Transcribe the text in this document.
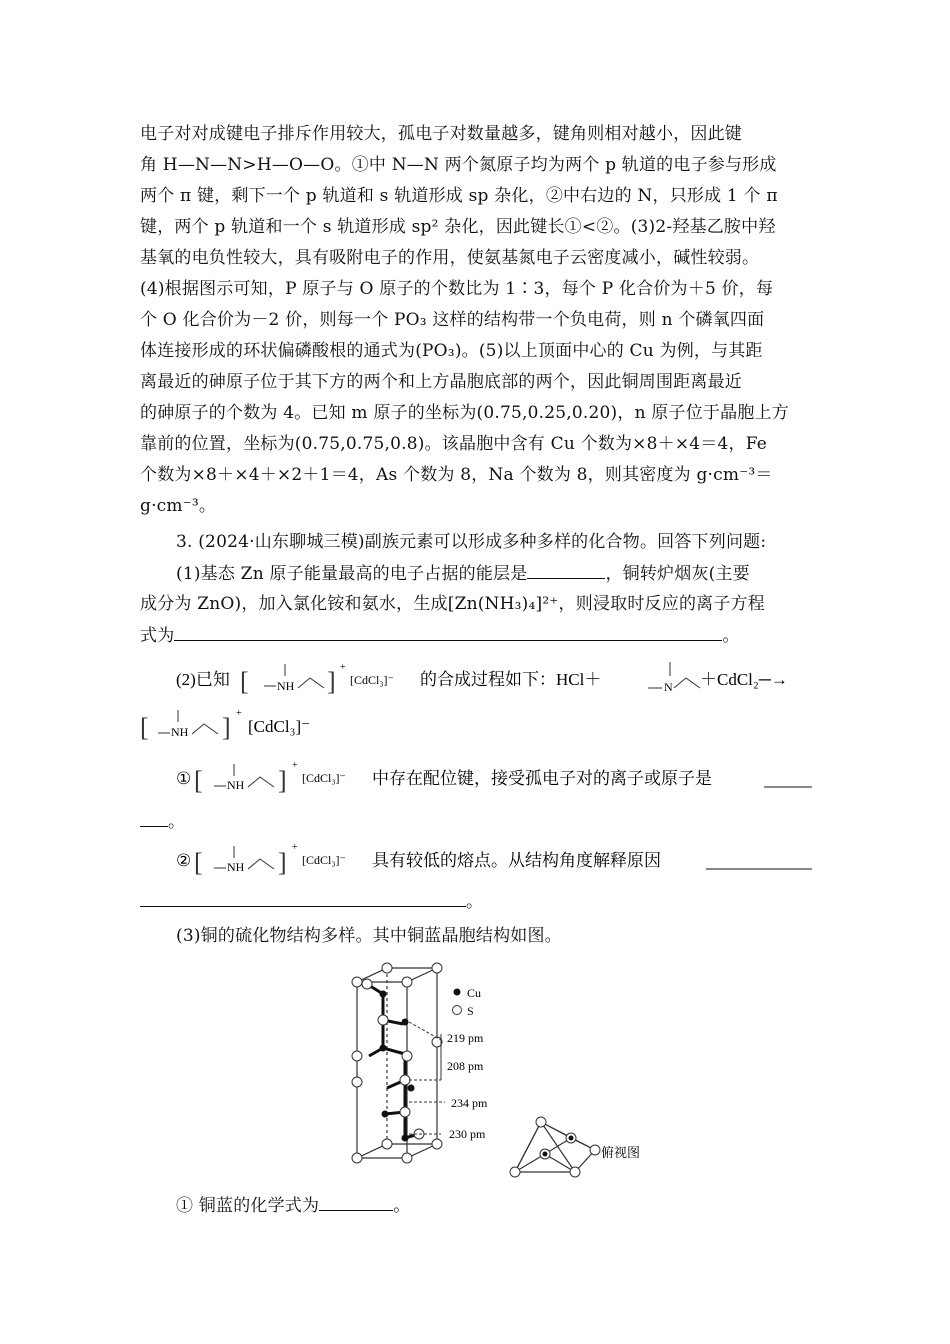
电子对对成键电子排斥作用较大，孤电子对数量越多，键角则相对越小，因此键
角 H—N—N>H—O—O。①中 N—N 两个氮原子均为两个 p 轨道的电子参与形成
两个 π 键，剩下一个 p 轨道和 s 轨道形成 sp 杂化，②中右边的 N，只形成 1 个 π
键，两个 p 轨道和一个 s 轨道形成 sp² 杂化，因此键长①<②。(3)2-羟基乙胺中羟
基氧的电负性较大，具有吸附电子的作用，使氨基氮电子云密度减小，碱性较弱。
(4)根据图示可知，P 原子与 O 原子的个数比为 1∶3，每个 P 化合价为＋5 价，每
个 O 化合价为－2 价，则每一个 PO₃ 这样的结构带一个负电荷，则 n 个磷氧四面
体连接形成的环状偏磷酸根的通式为(PO₃)。(5)以上顶面中心的 Cu 为例，与其距
离最近的砷原子位于其下方的两个和上方晶胞底部的两个，因此铜周围距离最近
的砷原子的个数为 4。已知 m 原子的坐标为(0.75,0.25,0.20)，n 原子位于晶胞上方
靠前的位置，坐标为(0.75,0.75,0.8)。该晶胞中含有 Cu 个数为×8＋×4＝4，Fe
个数为×8＋×4＋×2＋1＝4，As 个数为 8，Na 个数为 8，则其密度为 g·cm⁻³＝
g·cm⁻³。
3. (2024·山东聊城三模)副族元素可以形成多种多样的化合物。回答下列问题:
(1)基态 Zn 原子能量最高的电子占据的能层是	，铜转炉烟灰(主要
成分为 ZnO)，加入氯化铵和氨水，生成[Zn(NH₃)₄]²⁺，则浸取时反应的离子方程
式为	。
(2)已知 [ NH ] +
[CdCl₃]⁻ 的合成过程如下：HCl＋	N ＋CdCl₂─→
[ NH ] +
[CdCl₃]⁻
① [ NH ]
+
[CdCl₃]⁻ 中存在配位键，接受孤电子对的离子或原子是
。
② [ NH ]
+
[CdCl₃]⁻ 具有较低的熔点。从结构角度解释原因
。
(3)铜的硫化物结构多样。其中铜蓝晶胞结构如图。
Cu
S
219 pm
208 pm
234 pm
230 pm
俯视图
① 铜蓝的化学式为	。
